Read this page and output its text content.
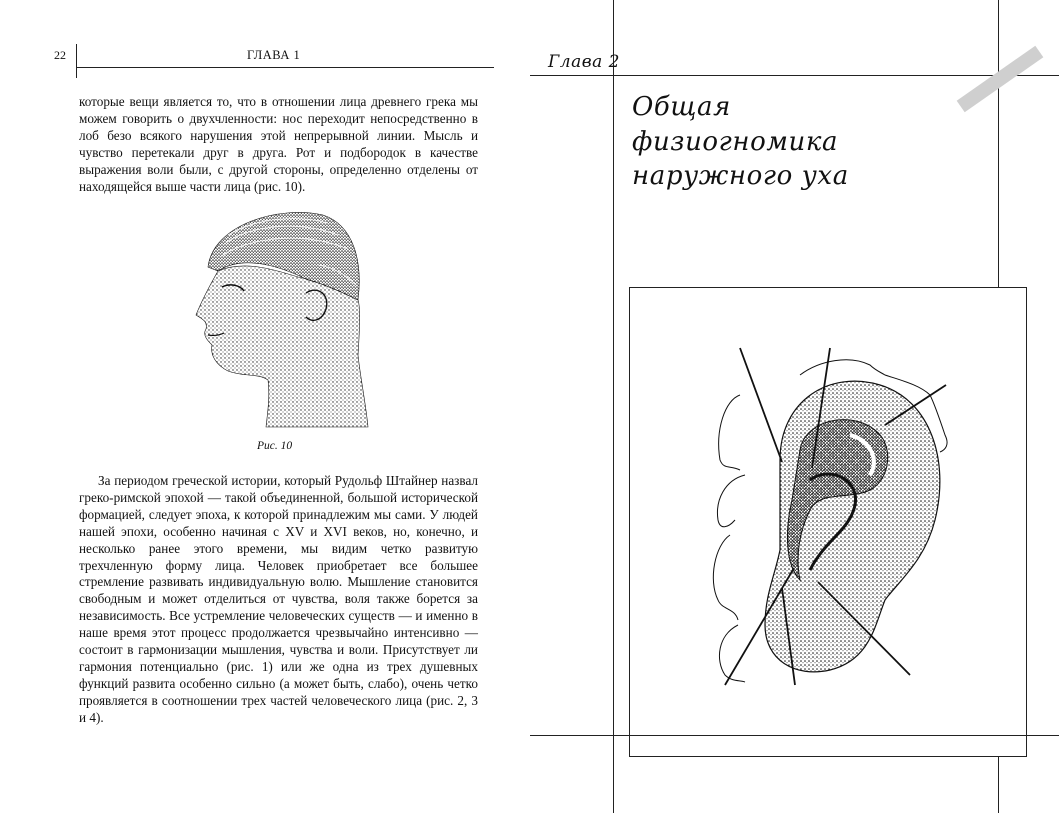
22	ГЛАВА 1

которые вещи является то, что в отношении лица древнего грека мы можем говорить о двухчленности: нос переходит непосредственно в лоб безо всякого нарушения этой непрерывной линии. Мысль и чувство перетекали друг в друга. Рот и подбородок в качестве выражения воли были, с другой стороны, определенно отделены от находящейся выше части лица (рис. 10).

Рис. 10

За периодом греческой истории, который Рудольф Штайнер назвал греко-римской эпохой — такой объединенной, большой исторической формацией, следует эпоха, к которой принадлежим мы сами. У людей нашей эпохи, особенно начиная с XV и XVI веков, но, конечно, и несколько ранее этого времени, мы видим четко развитую трехчленную форму лица. Человек приобретает все большее стремление развивать индивидуальную волю. Мышление становится свободным и может отделиться от чувства, воля также борется за независимость. Все устремление человеческих существ — и именно в наше время этот процесс продолжается чрезвычайно интенсивно — состоит в гармонизации мышления, чувства и воли. Присутствует ли гармония потенциально (рис. 1) или же одна из трех душевных функций развита особенно сильно (а может быть, слабо), очень четко проявляется в соотношении трех частей человеческого лица (рис. 2, 3 и 4).

Глава 2
Общая
физиогномика
наружного уха
